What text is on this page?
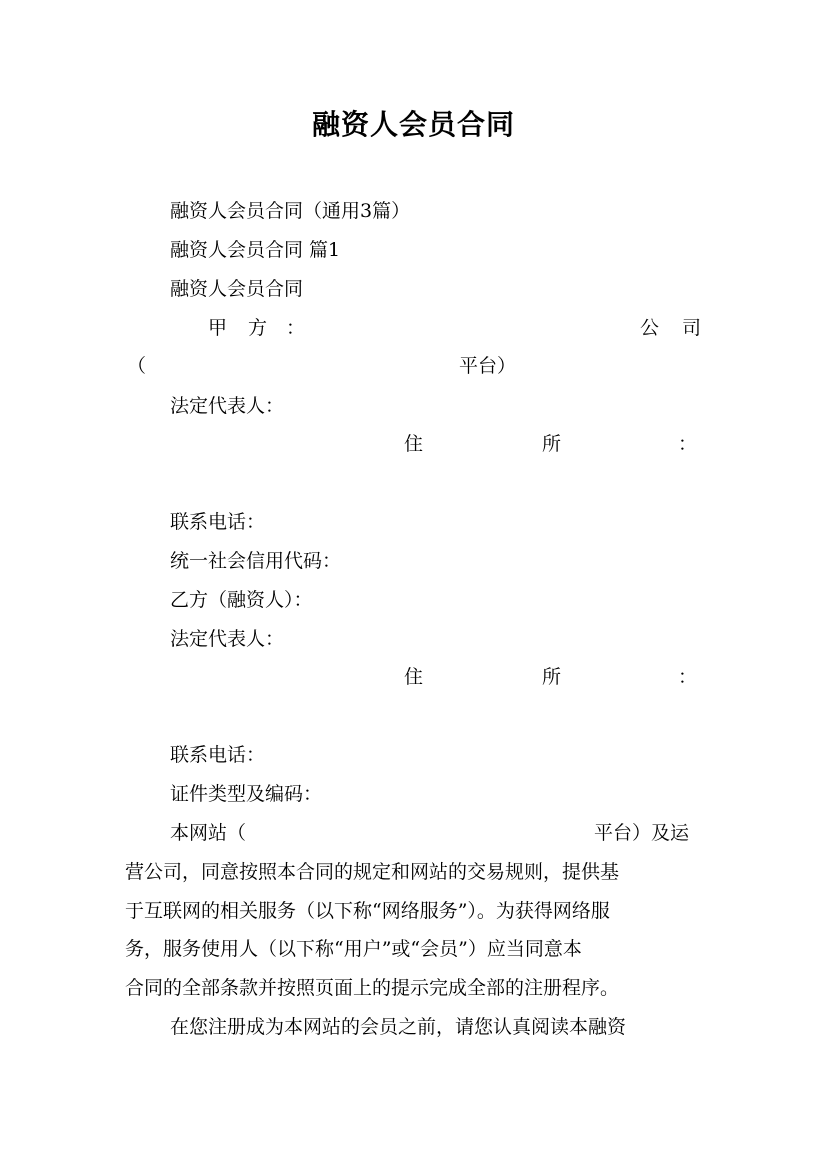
融资人会员合同
融资人会员合同（通用3篇）
融资人会员合同 篇1
融资人会员合同
甲 方 ：	公 司
（	平台）
法定代表人：
住	所	：
联系电话：
统一社会信用代码：
乙方（融资人）：
法定代表人：
住	所	：
联系电话：
证件类型及编码：
本网站（	平台）及运
营公司，同意按照本合同的规定和网站的交易规则，提供基
于互联网的相关服务（以下称“网络服务”）。为获得网络服
务，服务使用人（以下称“用户”或“会员”）应当同意本
合同的全部条款并按照页面上的提示完成全部的注册程序。
在您注册成为本网站的会员之前，请您认真阅读本融资
